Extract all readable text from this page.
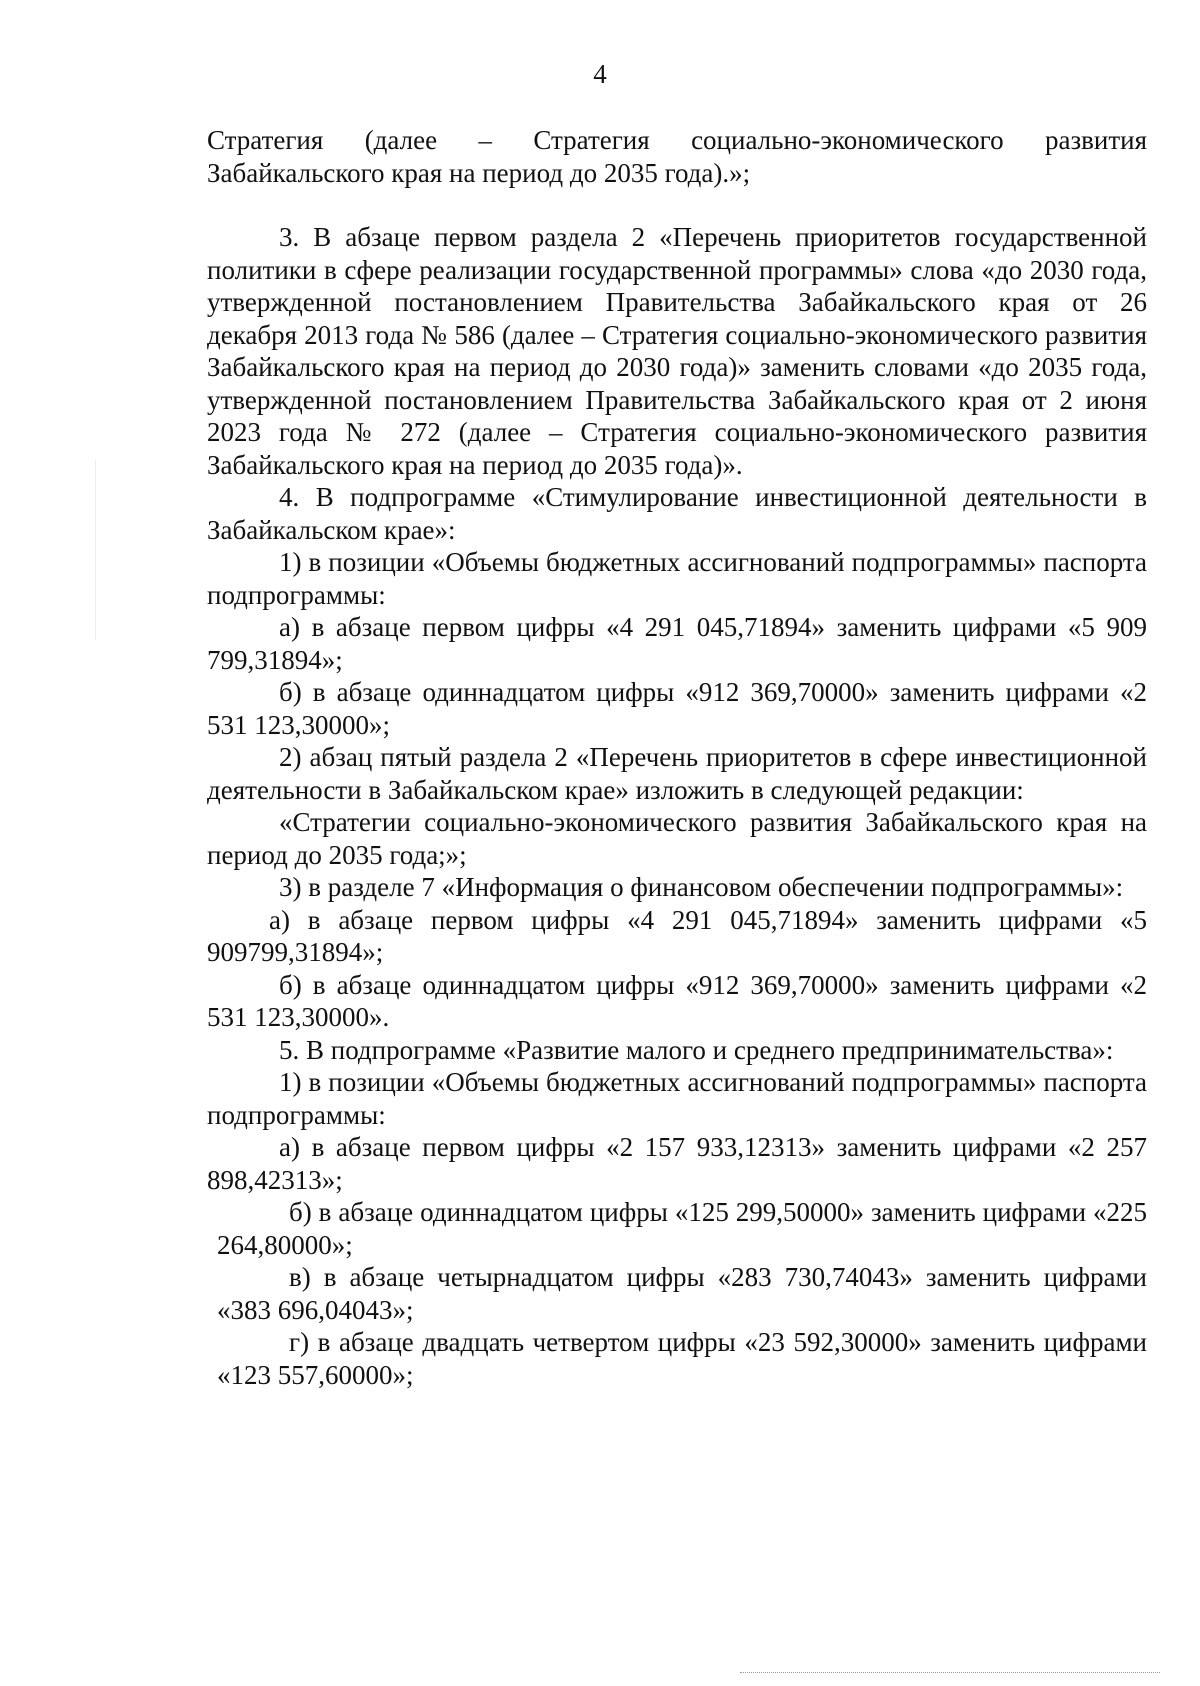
4

Стратегия (далее – Стратегия социально-экономического развития Забайкальского края на период до 2035 года).»;

3. В абзаце первом раздела 2 «Перечень приоритетов государственной политики в сфере реализации государственной программы» слова «до 2030 года, утвержденной постановлением Правительства Забайкальского края от 26 декабря 2013 года № 586 (далее – Стратегия социально-экономического развития Забайкальского края на период до 2030 года)» заменить словами «до 2035 года, утвержденной постановлением Правительства Забайкальского края от 2 июня 2023 года № 272 (далее – Стратегия социально-экономического развития Забайкальского края на период до 2035 года)».

4. В подпрограмме «Стимулирование инвестиционной деятельности в Забайкальском крае»:

1) в позиции «Объемы бюджетных ассигнований подпрограммы» паспорта подпрограммы:

а) в абзаце первом цифры «4 291 045,71894» заменить цифрами «5 909 799,31894»;

б) в абзаце одиннадцатом цифры «912 369,70000» заменить цифрами «2 531 123,30000»;

2) абзац пятый раздела 2 «Перечень приоритетов в сфере инвестиционной деятельности в Забайкальском крае» изложить в следующей редакции:

«Стратегии социально-экономического развития Забайкальского края на период до 2035 года;»;

3) в разделе 7 «Информация о финансовом обеспечении подпрограммы»:

а) в абзаце первом цифры «4 291 045,71894» заменить цифрами «5 909799,31894»;

б) в абзаце одиннадцатом цифры «912 369,70000» заменить цифрами «2 531 123,30000».

5. В подпрограмме «Развитие малого и среднего предпринимательства»:

1) в позиции «Объемы бюджетных ассигнований подпрограммы» паспорта подпрограммы:

а) в абзаце первом цифры «2 157 933,12313» заменить цифрами «2 257 898,42313»;

б) в абзаце одиннадцатом цифры «125 299,50000» заменить цифрами «225 264,80000»;

в) в абзаце четырнадцатом цифры «283 730,74043» заменить цифрами «383 696,04043»;

г) в абзаце двадцать четвертом цифры «23 592,30000» заменить цифрами «123 557,60000»;
